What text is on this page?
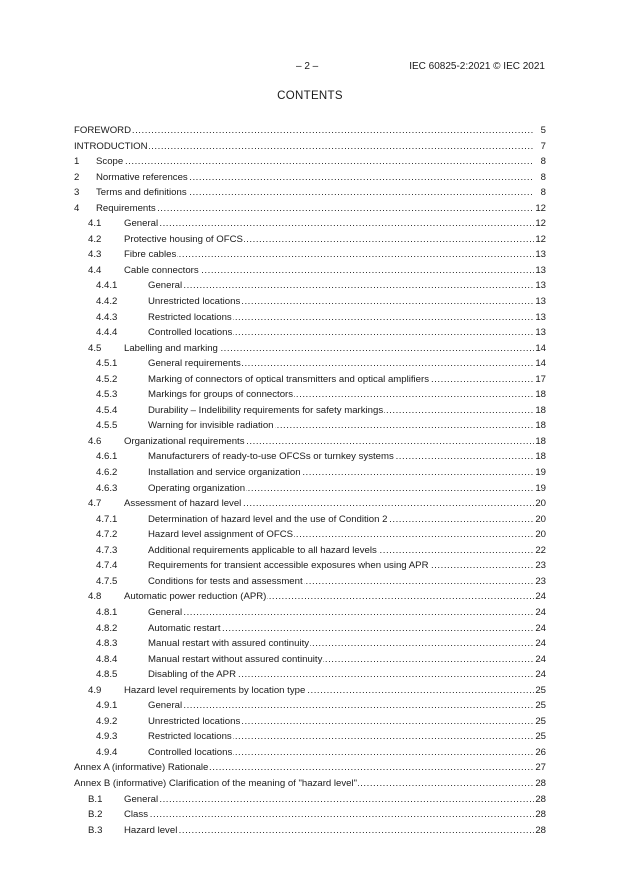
– 2 –	IEC 60825-2:2021 © IEC 2021
CONTENTS
FOREWORD .....	5
INTRODUCTION .....	7
1 Scope .....	8
2 Normative references .....	8
3 Terms and definitions .....	8
4 Requirements .....	12
4.1 General .....	12
4.2 Protective housing of OFCS .....	12
4.3 Fibre cables .....	13
4.4 Cable connectors .....	13
4.4.1	General .....	13
4.4.2	Unrestricted locations .....	13
4.4.3	Restricted locations .....	13
4.4.4	Controlled locations .....	13
4.5 Labelling and marking .....	14
4.5.1	General requirements .....	14
4.5.2	Marking of connectors of optical transmitters and optical amplifiers .....	17
4.5.3	Markings for groups of connectors .....	18
4.5.4	Durability – Indelibility requirements for safety markings .....	18
4.5.5	Warning for invisible radiation .....	18
4.6 Organizational requirements .....	18
4.6.1	Manufacturers of ready-to-use OFCSs or turnkey systems .....	18
4.6.2	Installation and service organization .....	19
4.6.3	Operating organization .....	19
4.7 Assessment of hazard level .....	20
4.7.1	Determination of hazard level and the use of Condition 2 .....	20
4.7.2	Hazard level assignment of OFCS .....	20
4.7.3	Additional requirements applicable to all hazard levels .....	22
4.7.4	Requirements for transient accessible exposures when using APR .....	23
4.7.5	Conditions for tests and assessment .....	23
4.8 Automatic power reduction (APR) .....	24
4.8.1	General .....	24
4.8.2	Automatic restart .....	24
4.8.3	Manual restart with assured continuity .....	24
4.8.4	Manual restart without assured continuity .....	24
4.8.5	Disabling of the APR .....	24
4.9 Hazard level requirements by location type .....	25
4.9.1	General .....	25
4.9.2	Unrestricted locations .....	25
4.9.3	Restricted locations .....	25
4.9.4	Controlled locations .....	26
Annex A (informative) Rationale .....	27
Annex B (informative) Clarification of the meaning of "hazard level" .....	28
B.1 General .....	28
B.2 Class .....	28
B.3 Hazard level .....	28
